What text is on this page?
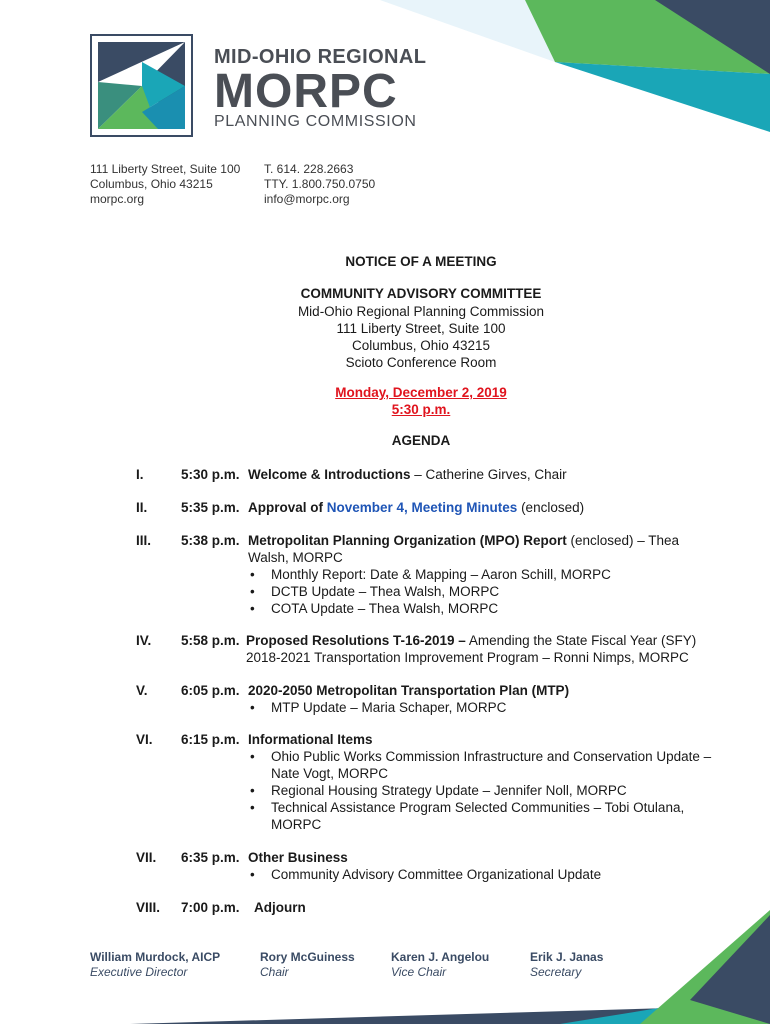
MID-OHIO REGIONAL
MORPC
PLANNING COMMISSION
111 Liberty Street, Suite 100
Columbus, Ohio 43215
morpc.org
T. 614. 228.2663
TTY. 1.800.750.0750
info@morpc.org
NOTICE OF A MEETING
COMMUNITY ADVISORY COMMITTEE
Mid-Ohio Regional Planning Commission
111 Liberty Street, Suite 100
Columbus, Ohio 43215
Scioto Conference Room
Monday, December 2, 2019
5:30 p.m.
AGENDA
I.	5:30 p.m. Welcome & Introductions – Catherine Girves, Chair
II. 5:35 p.m. Approval of November 4, Meeting Minutes (enclosed)
III. 5:38 p.m. Metropolitan Planning Organization (MPO) Report (enclosed) – Thea Walsh, MORPC
• Monthly Report: Date & Mapping – Aaron Schill, MORPC
• DCTB Update – Thea Walsh, MORPC
• COTA Update – Thea Walsh, MORPC
IV. 5:58 p.m. Proposed Resolutions T-16-2019 – Amending the State Fiscal Year (SFY) 2018-2021 Transportation Improvement Program – Ronni Nimps, MORPC
V. 6:05 p.m. 2020-2050 Metropolitan Transportation Plan (MTP)
• MTP Update – Maria Schaper, MORPC
VI. 6:15 p.m. Informational Items
• Ohio Public Works Commission Infrastructure and Conservation Update – Nate Vogt, MORPC
• Regional Housing Strategy Update – Jennifer Noll, MORPC
• Technical Assistance Program Selected Communities – Tobi Otulana, MORPC
VII. 6:35 p.m. Other Business
• Community Advisory Committee Organizational Update
VIII. 7:00 p.m. Adjourn
William Murdock, AICP
Executive Director
Rory McGuiness
Chair
Karen J. Angelou
Vice Chair
Erik J. Janas
Secretary
